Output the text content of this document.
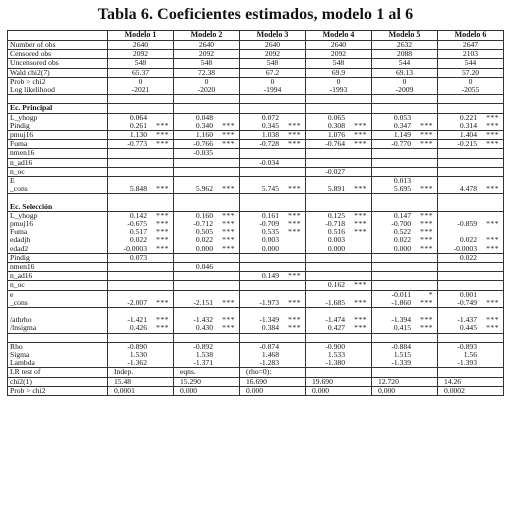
Tabla 6. Coeficientes estimados, modelo 1 al 6
	Modelo 1	Modelo 2	Modelo 3	Modelo 4	Modelo 5	Modelo 6
Number of obs	2640	2640	2640	2640	2632	2647
Censored obs	2092	2092	2092	2092	2088	2103
Uncensored obs	548	548	548	548	544	544
Wald chi2(7)	65.37	72.38	67.2	69.9	69.13	57.20
Prob > chi2	0	0	0	0	0	0
Log likelihood	-2021	-2020	-1994	-1993	-2009	-2055

Ec. Principal	

L_yhogp	0.064	0.048	0.072	0.065	0.053	0.221 ***

Pindig	0.261 ***	0.340 ***	0.345 ***	0.308 ***	0.347 ***	0.314 ***

pmuj16	1.130 ***	1.160 ***	1.038 ***	1.076 ***	1.149 ***	1.404 ***

Fuma	-0.773 ***	-0.766 ***	-0.728 ***	-0.764 ***	-0.770 ***	-0.215 ***

nmen16		-0.035				

n_ad16			-0.034			

n_oc				-0.027		

E					0.013	

_cons	5.848 ***	5.962 ***	5.745 ***	5.891 ***	5.695 ***	4.478 ***

Ec. Selección	

L_yhogp	0.142 ***	0.160 ***	0.161 ***	0.125 ***	0.147 ***	

pmuj16	-0.675 ***	-0.712 ***	-0.709 ***	-0.718 ***	-0.700 ***	-0.859 ***

Fuma	0.517 ***	0.505 ***	0.535 ***	0.516 ***	0.522 ***	

edadjh	0.022 ***	0.022 ***	0.003	0.003	0.022 ***	0.022 ***

edad2	-0.0003 ***	0.000 ***	0.000	0.000	0.000 ***	-0.0003 ***

Pindig	0.073					0.022

nmen16		0.046				

n_ad16			0.149 ***			

n_oc				0.162 ***		

e					-0.011 *	0.001

_cons	-2.007 ***	-2.151 ***	-1.973 ***	-1.685 ***	-1.860 ***	-0.749 ***

/athrho	-1.421 ***	-1.432 ***	-1.349 ***	-1.474 ***	-1.394 ***	-1.437 ***

/lnsigma	0.426 ***	0.430 ***	0.384 ***	0.427 ***	0.415 ***	0.445 ***

Rho	-0.890	-0.892	-0.874	-0.900	-0.884	-0.893

Sigma	1.530	1.538	1.468	1.533	1.515	1.56

Lambda	-1.362	-1.371	-1.283	-1.380	-1.339	-1.393

LR test of	Indep.	eqns.	(rho=0):			

chi2(1)	15.48	15.290	16.690	19.690	12.720	14.26

Prob > chi2	0.0001	0.000	0.000	0.000	0.000	0.0002
